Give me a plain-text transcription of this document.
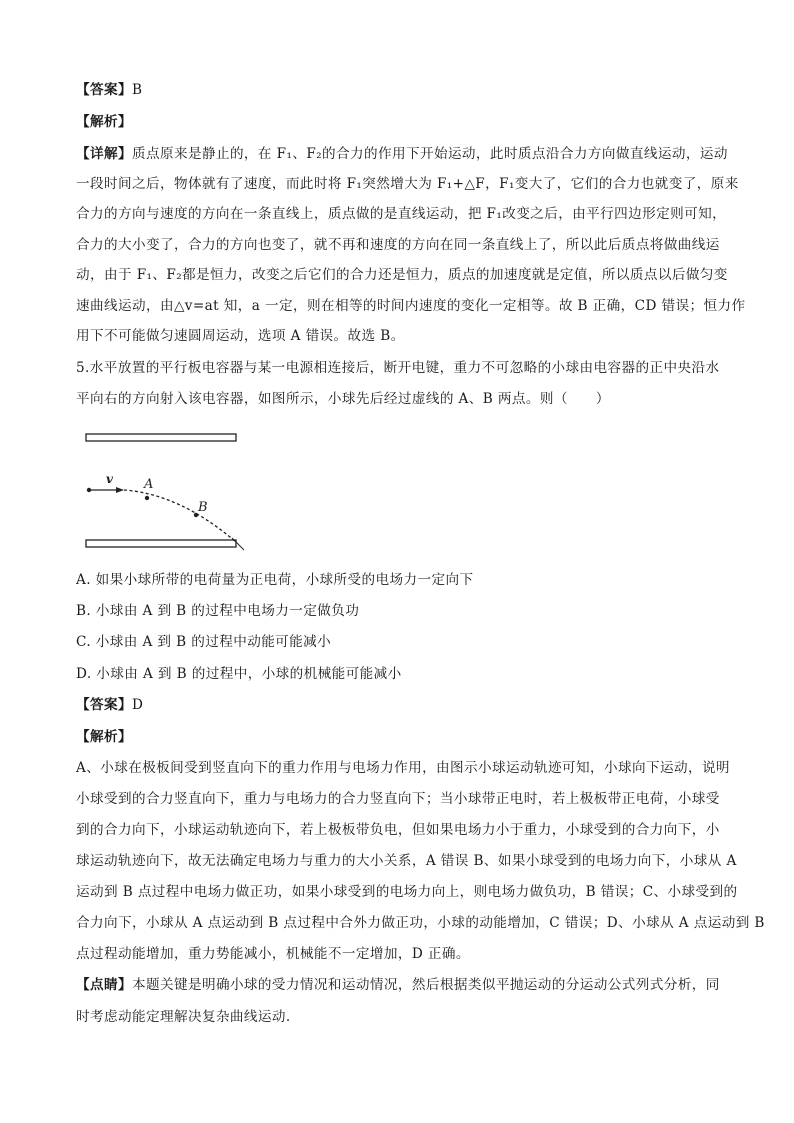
【答案】B
【解析】
【详解】质点原来是静止的，在 F₁、F₂的合力的作用下开始运动，此时质点沿合力方向做直线运动，运动
一段时间之后，物体就有了速度，而此时将 F₁突然增大为 F₁+△F，F₁变大了，它们的合力也就变了，原来
合力的方向与速度的方向在一条直线上，质点做的是直线运动，把 F₁改变之后，由平行四边形定则可知，
合力的大小变了，合力的方向也变了，就不再和速度的方向在同一条直线上了，所以此后质点将做曲线运
动，由于 F₁、F₂都是恒力，改变之后它们的合力还是恒力，质点的加速度就是定值，所以质点以后做匀变
速曲线运动，由△v=at 知，a 一定，则在相等的时间内速度的变化一定相等。故 B 正确，CD 错误；恒力作
用下不可能做匀速圆周运动，选项 A 错误。故选 B。
5.水平放置的平行板电容器与某一电源相连接后，断开电键，重力不可忽略的小球由电容器的正中央沿水
平向右的方向射入该电容器，如图所示，小球先后经过虚线的 A、B 两点。则（　　）
v A
B
A. 如果小球所带的电荷量为正电荷，小球所受的电场力一定向下
B. 小球由 A 到 B 的过程中电场力一定做负功
C. 小球由 A 到 B 的过程中动能可能减小
D. 小球由 A 到 B 的过程中，小球的机械能可能减小
【答案】D
【解析】
A、小球在极板间受到竖直向下的重力作用与电场力作用，由图示小球运动轨迹可知，小球向下运动，说明
小球受到的合力竖直向下，重力与电场力的合力竖直向下；当小球带正电时，若上极板带正电荷，小球受
到的合力向下，小球运动轨迹向下，若上极板带负电，但如果电场力小于重力，小球受到的合力向下，小
球运动轨迹向下，故无法确定电场力与重力的大小关系，A 错误 B、如果小球受到的电场力向下，小球从 A
运动到 B 点过程中电场力做正功，如果小球受到的电场力向上，则电场力做负功，B 错误；C、小球受到的
合力向下，小球从 A 点运动到 B 点过程中合外力做正功，小球的动能增加，C 错误；D、小球从 A 点运动到 B
点过程动能增加，重力势能减小，机械能不一定增加，D 正确。
【点睛】本题关键是明确小球的受力情况和运动情况，然后根据类似平抛运动的分运动公式列式分析，同
时考虑动能定理解决复杂曲线运动.
